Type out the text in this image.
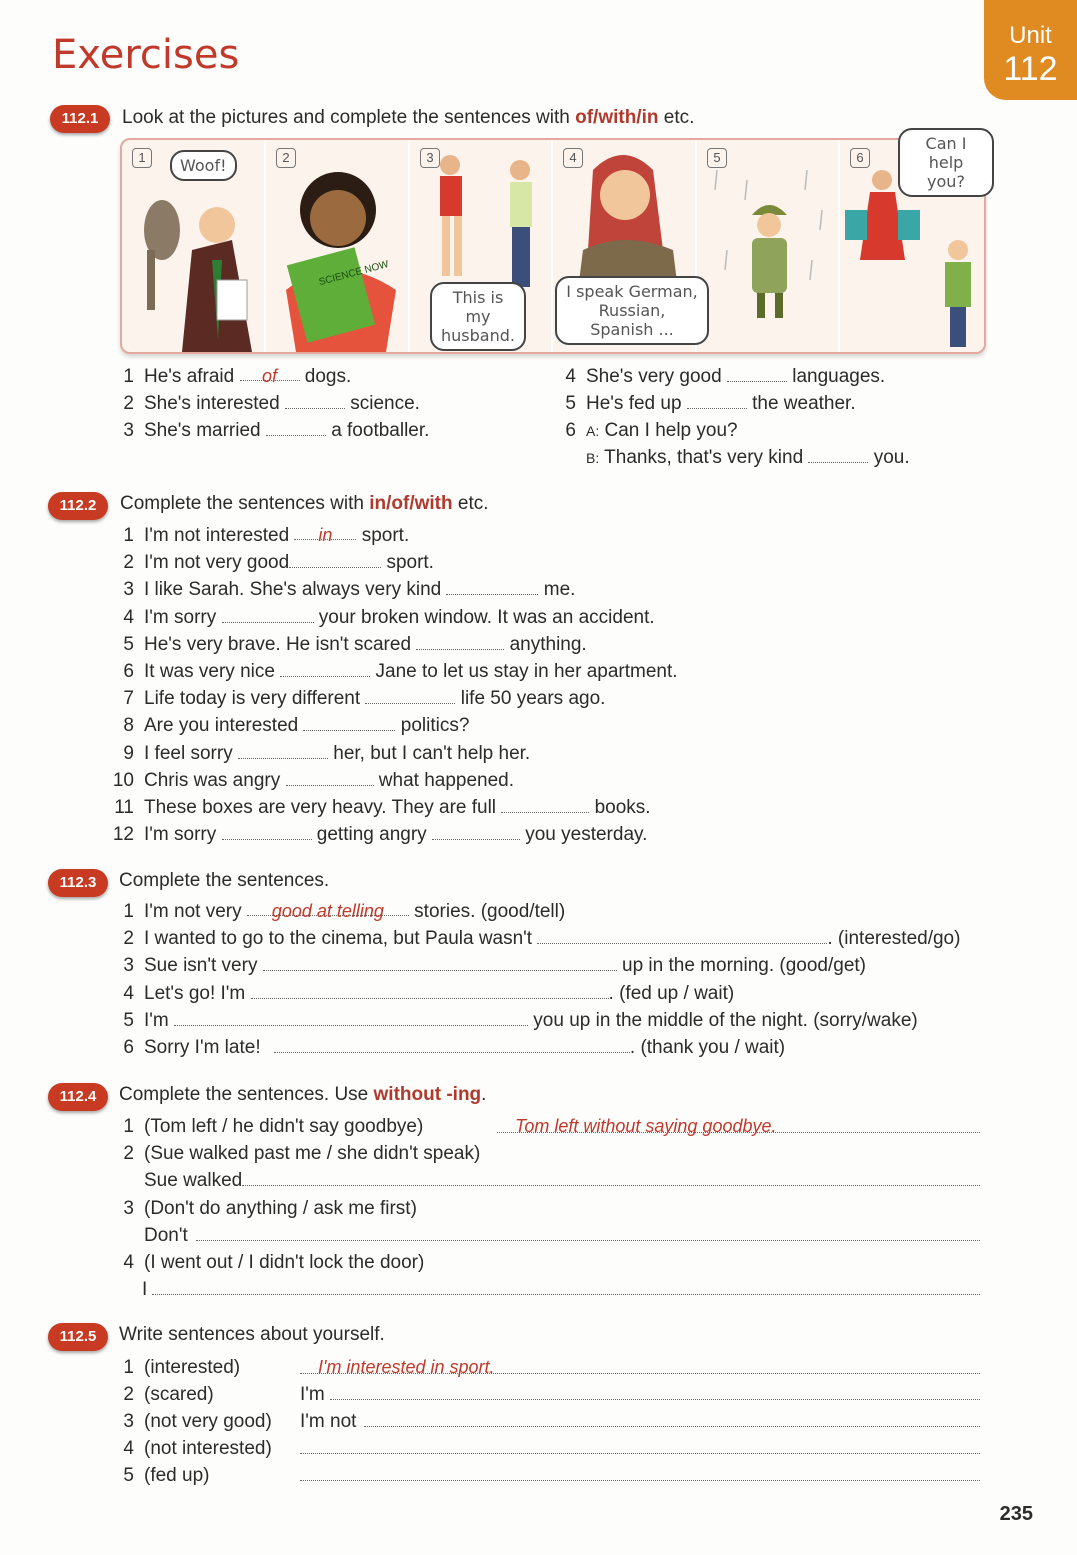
Exercises	Unit
112
112.1	Look at the pictures and complete the sentences with of/with/in etc.
1	Woof!	2
SCIENCE NOW
3
This is my husband.
4
I speak German, Russian, Spanish ...
5	6
Can I help you?
1 He's afraid of dogs.
2 She's interested	science.
3 She's married	a footballer.
4 She's very good	languages.
5 He's fed up	the weather.
6 A: Can I help you?
B: Thanks, that's very kind	you.
112.2	Complete the sentences with in/of/with etc.
1 I'm not interested in sport.
2 I'm not very good	sport.
3 I like Sarah. She's always very kind	me.
4 I'm sorry	your broken window. It was an accident.
5 He's very brave. He isn't scared	anything.
6 It was very nice	Jane to let us stay in her apartment.
7 Life today is very different	life 50 years ago.
8 Are you interested	politics?
9 I feel sorry	her, but I can't help her.
10 Chris was angry	what happened.
11 These boxes are very heavy. They are full	books.
12 I'm sorry	getting angry	you yesterday.
112.3	Complete the sentences.
1 I'm not very good at telling stories. (good/tell)
2 I wanted to go to the cinema, but Paula wasn't	. (interested/go)
3 Sue isn't very	up in the morning. (good/get)
4 Let's go! I'm	. (fed up / wait)
5 I'm	you up in the middle of the night. (sorry/wake)
6 Sorry I'm late!	. (thank you / wait)
112.4	Complete the sentences. Use without -ing.
1 (Tom left / he didn't say goodbye)	Tom left without saying goodbye.
2 (Sue walked past me / she didn't speak)
Sue walked
3 (Don't do anything / ask me first)
Don't
4 (I went out / I didn't lock the door)
I
112.5	Write sentences about yourself.
1 (interested)	I'm interested in sport.
2 (scared)	I'm
3 (not very good) I'm not
4 (not interested)
5 (fed up)
235
